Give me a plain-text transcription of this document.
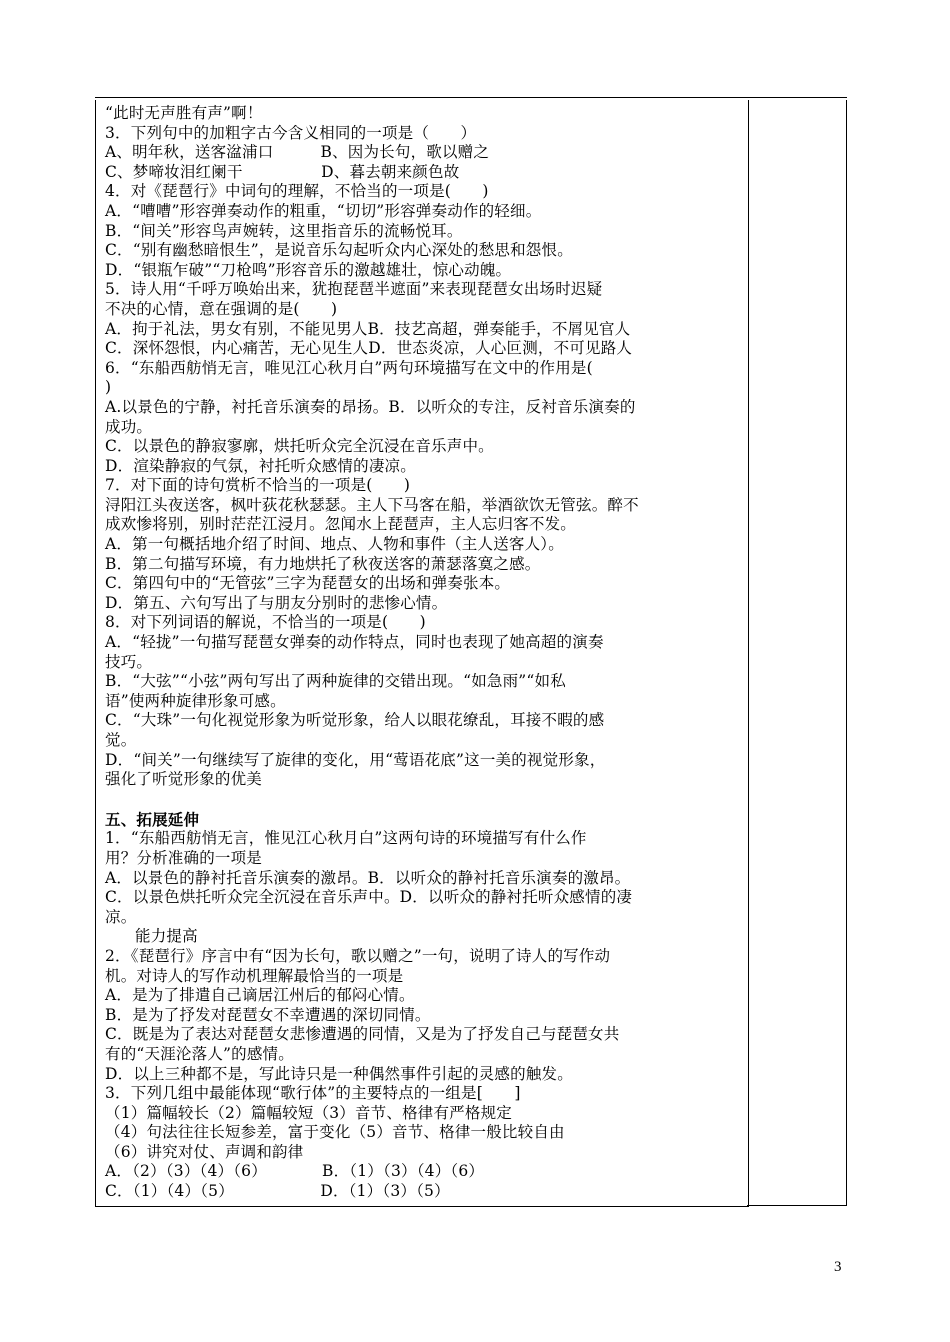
“此时无声胜有声”啊！
3．下列句中的加粗字古今含义相同的一项是（　　）
A、明年秋，送客湓浦口　　　B、因为长句，歌以赠之
C、梦啼妆泪红阑干　　　　　D、暮去朝来颜色故
4．对《琵琶行》中词句的理解，不恰当的一项是(　　)
A．“嘈嘈”形容弹奏动作的粗重，“切切”形容弹奏动作的轻细。
B．“间关”形容鸟声婉转，这里指音乐的流畅悦耳。
C．“别有幽愁暗恨生”，是说音乐勾起听众内心深处的愁思和怨恨。
D．“银瓶乍破”“刀枪鸣”形容音乐的激越雄壮，惊心动魄。
5．诗人用“千呼万唤始出来，犹抱琵琶半遮面”来表现琵琶女出场时迟疑
不决的心情，意在强调的是(　　)
A．拘于礼法，男女有别，不能见男人B．技艺高超，弹奏能手，不屑见官人
C．深怀怨恨，内心痛苦，无心见生人D．世态炎凉，人心叵测，不可见路人
6．“东船西舫悄无言，唯见江心秋月白”两句环境描写在文中的作用是(
)
A.以景色的宁静，衬托音乐演奏的昂扬。B．以听众的专注，反衬音乐演奏的
成功。
C．以景色的静寂寥廓，烘托听众完全沉浸在音乐声中。
D．渲染静寂的气氛，衬托听众感情的凄凉。
7．对下面的诗句赏析不恰当的一项是(　　)
浔阳江头夜送客，枫叶荻花秋瑟瑟。主人下马客在船，举酒欲饮无管弦。醉不
成欢惨将别，别时茫茫江浸月。忽闻水上琵琶声，主人忘归客不发。
A．第一句概括地介绍了时间、地点、人物和事件（主人送客人）。
B．第二句描写环境，有力地烘托了秋夜送客的萧瑟落寞之感。
C．第四句中的“无管弦”三字为琵琶女的出场和弹奏张本。
D．第五、六句写出了与朋友分别时的悲惨心情。
8．对下列词语的解说，不恰当的一项是(　　)
A．“轻拢”一句描写琵琶女弹奏的动作特点，同时也表现了她高超的演奏
技巧。
B．“大弦”“小弦”两句写出了两种旋律的交错出现。“如急雨”“如私
语”使两种旋律形象可感。
C．“大珠”一句化视觉形象为听觉形象，给人以眼花缭乱，耳接不暇的感
觉。
D．“间关”一句继续写了旋律的变化，用“莺语花底”这一美的视觉形象，
强化了听觉形象的优美
五、拓展延伸
1．“东船西舫悄无言，惟见江心秋月白”这两句诗的环境描写有什么作
用？分析准确的一项是
A．以景色的静衬托音乐演奏的激昂。B．以听众的静衬托音乐演奏的激昂。
C．以景色烘托听众完全沉浸在音乐声中。D．以听众的静衬托听众感情的凄
凉。
能力提高
2．《琵琶行》序言中有“因为长句，歌以赠之”一句，说明了诗人的写作动
机。对诗人的写作动机理解最恰当的一项是
A．是为了排遣自己谪居江州后的郁闷心情。
B．是为了抒发对琵琶女不幸遭遇的深切同情。
C．既是为了表达对琵琶女悲惨遭遇的同情，又是为了抒发自己与琵琶女共
有的“天涯沦落人”的感情。
D．以上三种都不是，写此诗只是一种偶然事件引起的灵感的触发。
3．下列几组中最能体现“歌行体”的主要特点的一组是[　　]
（1）篇幅较长（2）篇幅较短（3）音节、格律有严格规定
（4）句法往往长短参差，富于变化（5）音节、格律一般比较自由
（6）讲究对仗、声调和韵律
A．（2）（3）（4）（6）　　　　B．（1）（3）（4）（6）
C．（1）（4）（5）　　　　　　D．（1）（3）（5）
3
